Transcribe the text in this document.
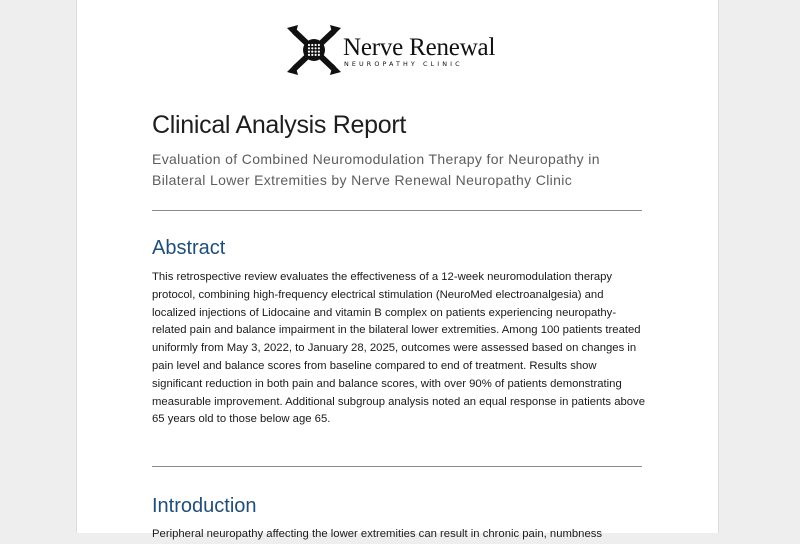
Nerve Renewal
NEUROPATHY CLINIC
Clinical Analysis Report
Evaluation of Combined Neuromodulation Therapy for Neuropathy in Bilateral Lower Extremities by Nerve Renewal Neuropathy Clinic
Abstract
This retrospective review evaluates the effectiveness of a 12-week neuromodulation therapy protocol, combining high-frequency electrical stimulation (NeuroMed electroanalgesia) and localized injections of Lidocaine and vitamin B complex on patients experiencing neuropathy-related pain and balance impairment in the bilateral lower extremities. Among 100 patients treated uniformly from May 3, 2022, to January 28, 2025, outcomes were assessed based on changes in pain level and balance scores from baseline compared to end of treatment. Results show significant reduction in both pain and balance scores, with over 90% of patients demonstrating measurable improvement. Additional subgroup analysis noted an equal response in patients above 65 years old to those below age 65.
Introduction
Peripheral neuropathy affecting the lower extremities can result in chronic pain, numbness
